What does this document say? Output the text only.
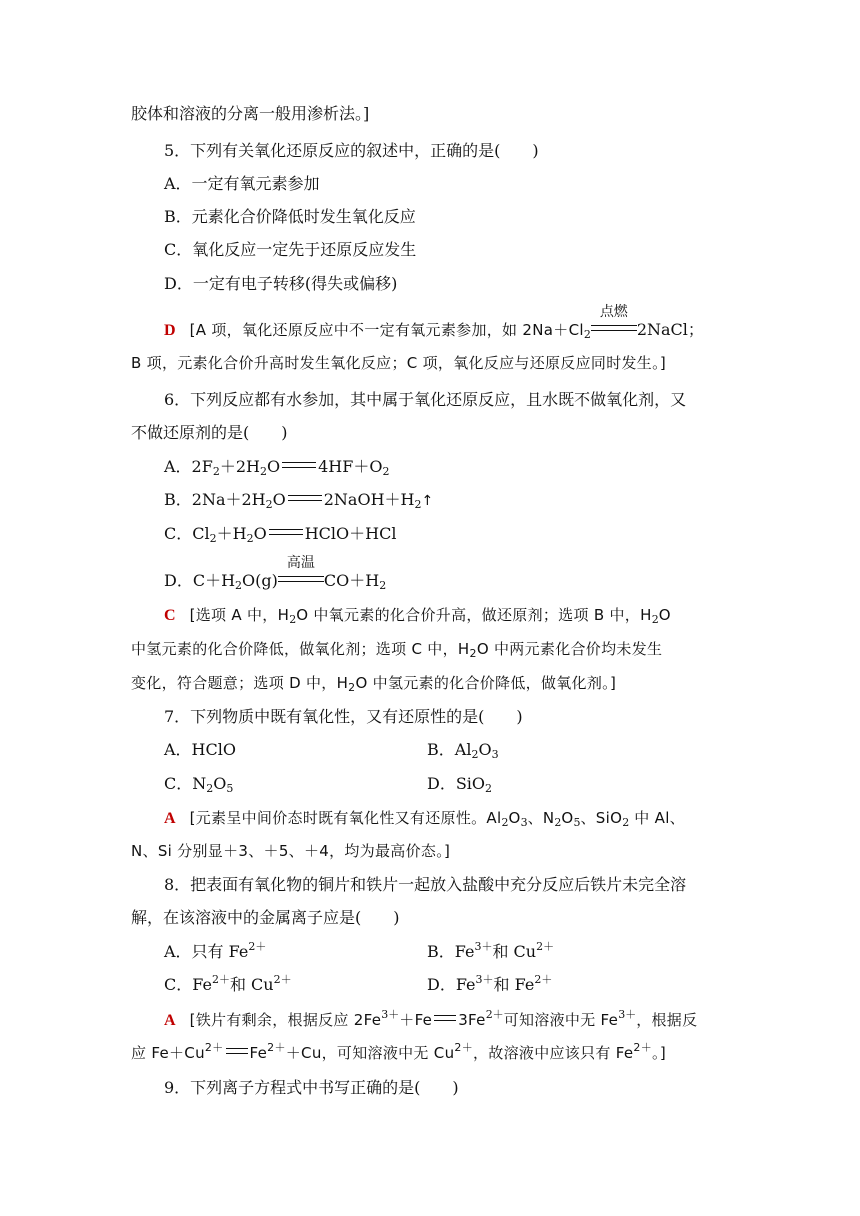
胶体和溶液的分离一般用渗析法。]
5．下列有关氧化还原反应的叙述中，正确的是(　　)
A．一定有氧元素参加
B．元素化合价降低时发生氧化反应
C．氧化反应一定先于还原反应发生
D．一定有电子转移(得失或偏移)
D [A 项，氧化还原反应中不一定有氧元素参加，如 $2Na+Cl_2$
点燃
2NaCl；
B 项，元素化合价升高时发生氧化反应；C 项，氧化反应与还原反应同时发生。]
6．下列反应都有水参加，其中属于氧化还原反应，且水既不做氧化剂，又
不做还原剂的是(　　)
A．$2F_2+2H_2O$ $4HF+O_2$
B．$2Na+2H_2O$ $2NaOH+H_2↑$
C．$Cl_2+H_2O$ HClO＋HCl
D．$C+H_2O(g)$
高温
$CO+H_2$
C [选项 A 中，$H_2O$ 中氧元素的化合价升高，做还原剂；选项 B 中，$H_2O$
中氢元素的化合价降低，做氧化剂；选项 C 中，$H_2O$ 中两元素化合价均未发生
变化，符合题意；选项 D 中，$H_2O$ 中氢元素的化合价降低，做氧化剂。]
7．下列物质中既有氧化性，又有还原性的是(　　)
A．HClO	B．$Al_2O_3$
C．$N_2O_5$	D．SiO$_2$
A [元素呈中间价态时既有氧化性又有还原性。$Al_2O_3$、$N_2O_5$、SiO$_2$ 中 Al、
N、Si 分别显＋3、＋5、＋4，均为最高价态。]
8．把表面有氧化物的铜片和铁片一起放入盐酸中充分反应后铁片未完全溶
解，在该溶液中的金属离子应是(　　)
A．只有 $Fe^{2+}$	B．$Fe^{3+}$和 $Cu^{2+}$
C．$Fe^{2+}$和 $Cu^{2+}$	D．$Fe^{3+}$和 $Fe^{2+}$
A [铁片有剩余，根据反应 $2Fe^{3+}+Fe$ $3Fe^{2+}$可知溶液中无 $Fe^{3+}$，根据反
应 $Fe+Cu^{2+}$ $Fe^{2+}+Cu$，可知溶液中无 $Cu^{2+}$，故溶液中应该只有 $Fe^{2+}$。]
9．下列离子方程式中书写正确的是(　　)
